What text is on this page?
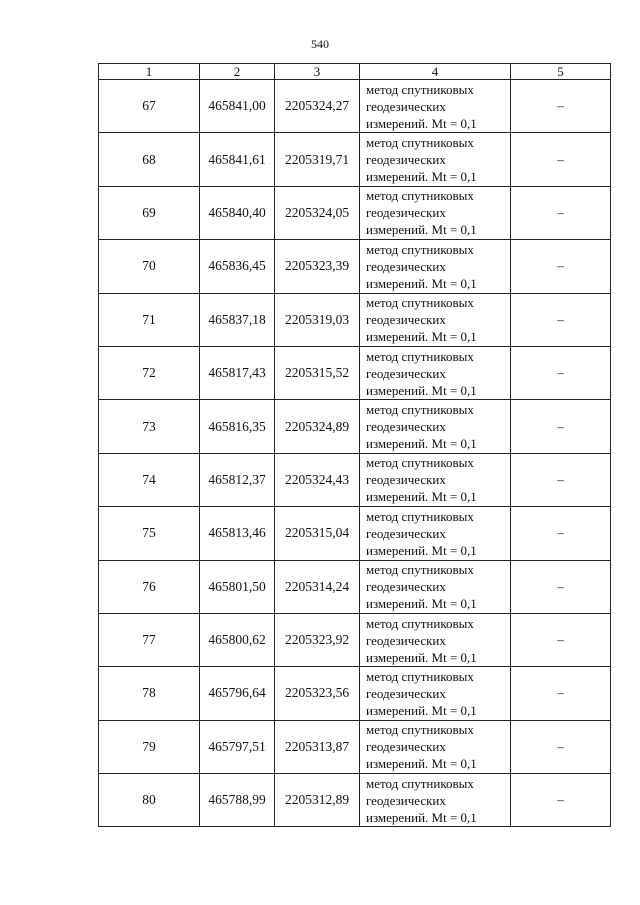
540
1	2	3	4	5
67	465841,00	2205324,27	метод спутниковых
геодезических
измерений. Mt = 0,1	–
68	465841,61	2205319,71	метод спутниковых
геодезических
измерений. Mt = 0,1	–
69	465840,40	2205324,05	метод спутниковых
геодезических
измерений. Mt = 0,1	–
70	465836,45	2205323,39	метод спутниковых
геодезических
измерений. Mt = 0,1	–
71	465837,18	2205319,03	метод спутниковых
геодезических
измерений. Mt = 0,1	–
72	465817,43	2205315,52	метод спутниковых
геодезических
измерений. Mt = 0,1	–
73	465816,35	2205324,89	метод спутниковых
геодезических
измерений. Mt = 0,1	–
74	465812,37	2205324,43	метод спутниковых
геодезических
измерений. Mt = 0,1	–
75	465813,46	2205315,04	метод спутниковых
геодезических
измерений. Mt = 0,1	–
76	465801,50	2205314,24	метод спутниковых
геодезических
измерений. Mt = 0,1	–
77	465800,62	2205323,92	метод спутниковых
геодезических
измерений. Mt = 0,1	–
78	465796,64	2205323,56	метод спутниковых
геодезических
измерений. Mt = 0,1	–
79	465797,51	2205313,87	метод спутниковых
геодезических
измерений. Mt = 0,1	–
80	465788,99	2205312,89	метод спутниковых
геодезических
измерений. Mt = 0,1	–
